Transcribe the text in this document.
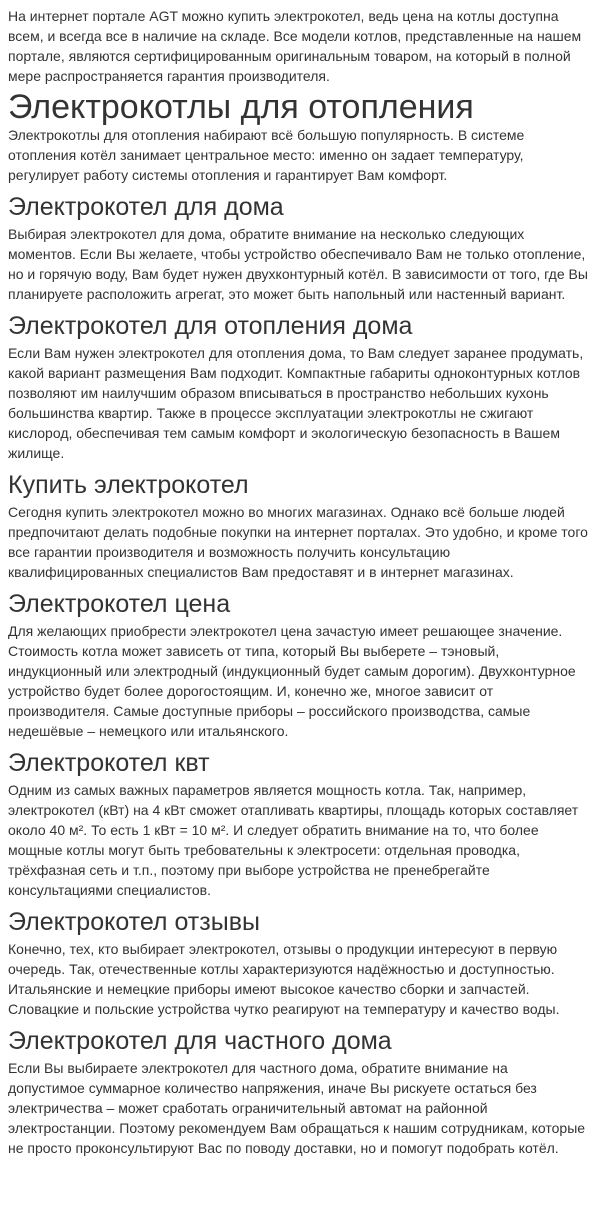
На интернет портале AGT можно купить электрокотел, ведь цена на котлы доступна всем, и всегда все в наличие на складе. Все модели котлов, представленные на нашем портале, являются сертифицированным оригинальным товаром, на который в полной мере распространяется гарантия производителя.

Электрокотлы для отопления

Электрокотлы для отопления набирают всё большую популярность. В системе отопления котёл занимает центральное место: именно он задает температуру, регулирует работу системы отопления и гарантирует Вам комфорт.

Электрокотел для дома

Выбирая электрокотел для дома, обратите внимание на несколько следующих моментов. Если Вы желаете, чтобы устройство обеспечивало Вам не только отопление, но и горячую воду, Вам будет нужен двухконтурный котёл. В зависимости от того, где Вы планируете расположить агрегат, это может быть напольный или настенный вариант.

Электрокотел для отопления дома

Если Вам нужен электрокотел для отопления дома, то Вам следует заранее продумать, какой вариант размещения Вам подходит. Компактные габариты одноконтурных котлов позволяют им наилучшим образом вписываться в пространство небольших кухонь большинства квартир. Также в процессе эксплуатации электрокотлы не сжигают кислород, обеспечивая тем самым комфорт и экологическую безопасность в Вашем жилище.

Купить электрокотел

Сегодня купить электрокотел можно во многих магазинах. Однако всё больше людей предпочитают делать подобные покупки на интернет порталах. Это удобно, и кроме того все гарантии производителя и возможность получить консультацию квалифицированных специалистов Вам предоставят и в интернет магазинах.

Электрокотел цена

Для желающих приобрести электрокотел цена зачастую имеет решающее значение. Стоимость котла может зависеть от типа, который Вы выберете – тэновый, индукционный или электродный (индукционный будет самым дорогим). Двухконтурное устройство будет более дорогостоящим. И, конечно же, многое зависит от производителя. Самые доступные приборы – российского производства, самые недешёвые – немецкого или итальянского.

Электрокотел квт

Одним из самых важных параметров является мощность котла. Так, например, электрокотел (кВт) на 4 кВт сможет отапливать квартиры, площадь которых составляет около 40 м². То есть 1 кВт = 10 м². И следует обратить внимание на то, что более мощные котлы могут быть требовательны к электросети: отдельная проводка, трёхфазная сеть и т.п., поэтому при выборе устройства не пренебрегайте консультациями специалистов.

Электрокотел отзывы

Конечно, тех, кто выбирает электрокотел, отзывы о продукции интересуют в первую очередь. Так, отечественные котлы характеризуются надёжностью и доступностью. Итальянские и немецкие приборы имеют высокое качество сборки и запчастей. Словацкие и польские устройства чутко реагируют на температуру и качество воды.

Электрокотел для частного дома

Если Вы выбираете электрокотел для частного дома, обратите внимание на допустимое суммарное количество напряжения, иначе Вы рискуете остаться без электричества – может сработать ограничительный автомат на районной электростанции. Поэтому рекомендуем Вам обращаться к нашим сотрудникам, которые не просто проконсультируют Вас по поводу доставки, но и помогут подобрать котёл.
